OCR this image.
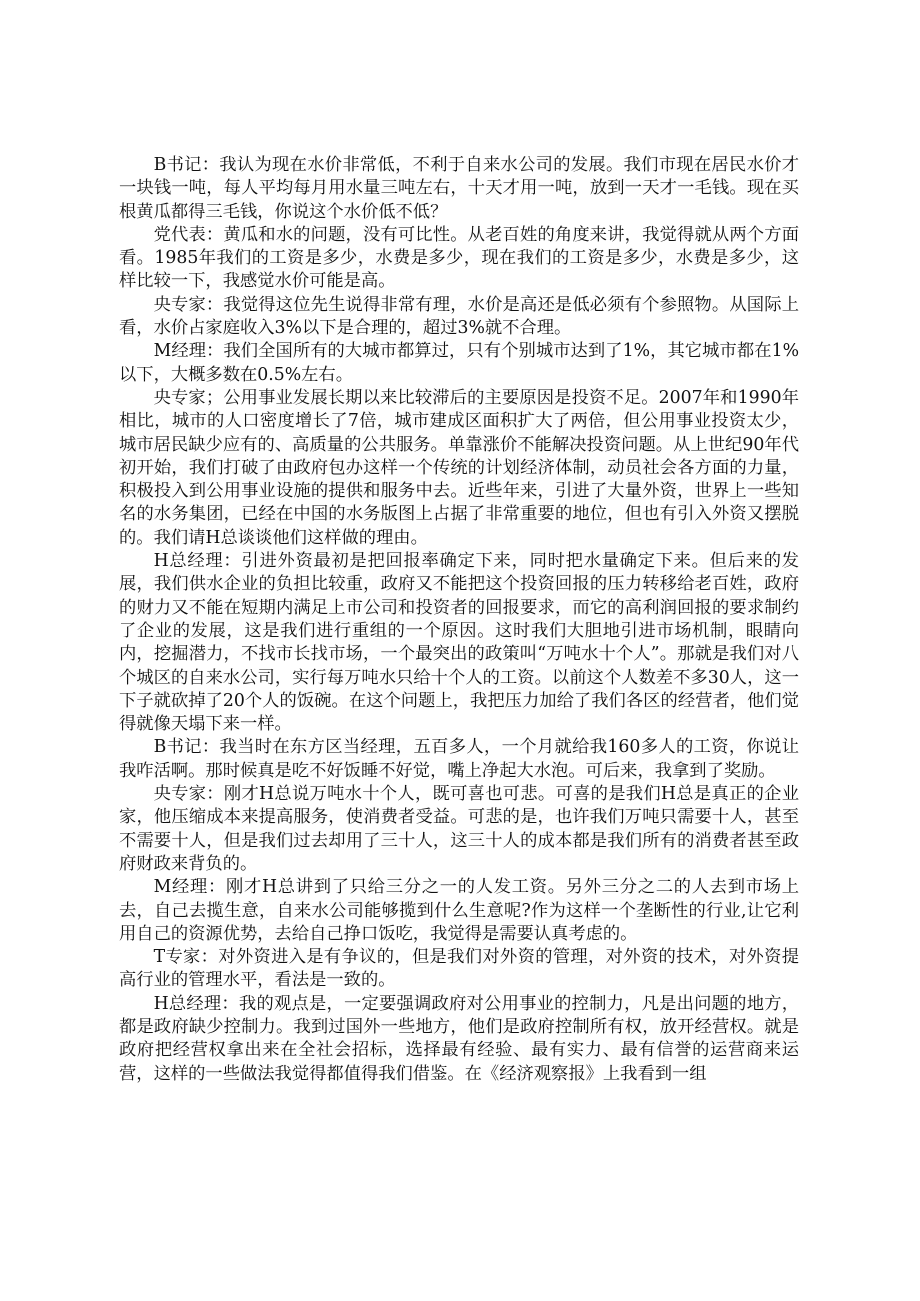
B书记：我认为现在水价非常低，不利于自来水公司的发展。我们市现在居民水价才一块钱一吨，每人平均每月用水量三吨左右，十天才用一吨，放到一天才一毛钱。现在买根黄瓜都得三毛钱，你说这个水价低不低？

党代表：黄瓜和水的问题，没有可比性。从老百姓的角度来讲，我觉得就从两个方面看。1985年我们的工资是多少，水费是多少，现在我们的工资是多少，水费是多少，这样比较一下，我感觉水价可能是高。

央专家：我觉得这位先生说得非常有理，水价是高还是低必须有个参照物。从国际上看，水价占家庭收入3%以下是合理的，超过3%就不合理。

M经理：我们全国所有的大城市都算过，只有个别城市达到了1%，其它城市都在1%以下，大概多数在0.5%左右。

央专家；公用事业发展长期以来比较滞后的主要原因是投资不足。2007年和1990年相比，城市的人口密度增长了7倍，城市建成区面积扩大了两倍，但公用事业投资太少，城市居民缺少应有的、高质量的公共服务。单靠涨价不能解决投资问题。从上世纪90年代初开始，我们打破了由政府包办这样一个传统的计划经济体制，动员社会各方面的力量，积极投入到公用事业设施的提供和服务中去。近些年来，引进了大量外资，世界上一些知名的水务集团，已经在中国的水务版图上占据了非常重要的地位，但也有引入外资又摆脱的。我们请H总谈谈他们这样做的理由。

H总经理：引进外资最初是把回报率确定下来，同时把水量确定下来。但后来的发展，我们供水企业的负担比较重，政府又不能把这个投资回报的压力转移给老百姓，政府的财力又不能在短期内满足上市公司和投资者的回报要求，而它的高利润回报的要求制约了企业的发展，这是我们进行重组的一个原因。这时我们大胆地引进市场机制，眼睛向内，挖掘潜力，不找市长找市场，一个最突出的政策叫“万吨水十个人”。那就是我们对八个城区的自来水公司，实行每万吨水只给十个人的工资。以前这个人数差不多30人，这一下子就砍掉了20个人的饭碗。在这个问题上，我把压力加给了我们各区的经营者，他们觉得就像天塌下来一样。

B书记：我当时在东方区当经理，五百多人，一个月就给我160多人的工资，你说让我咋活啊。那时候真是吃不好饭睡不好觉，嘴上净起大水泡。可后来，我拿到了奖励。

央专家：刚才H总说万吨水十个人，既可喜也可悲。可喜的是我们H总是真正的企业家，他压缩成本来提高服务，使消费者受益。可悲的是，也许我们万吨只需要十人，甚至不需要十人，但是我们过去却用了三十人，这三十人的成本都是我们所有的消费者甚至政府财政来背负的。

M经理：刚才H总讲到了只给三分之一的人发工资。另外三分之二的人去到市场上去，自己去揽生意，自来水公司能够揽到什么生意呢?作为这样一个垄断性的行业,让它利用自己的资源优势，去给自己挣口饭吃，我觉得是需要认真考虑的。

T专家：对外资进入是有争议的，但是我们对外资的管理，对外资的技术，对外资提高行业的管理水平，看法是一致的。

H总经理：我的观点是，一定要强调政府对公用事业的控制力，凡是出问题的地方，都是政府缺少控制力。我到过国外一些地方，他们是政府控制所有权，放开经营权。就是政府把经营权拿出来在全社会招标，选择最有经验、最有实力、最有信誉的运营商来运营，这样的一些做法我觉得都值得我们借鉴。在《经济观察报》上我看到一组
